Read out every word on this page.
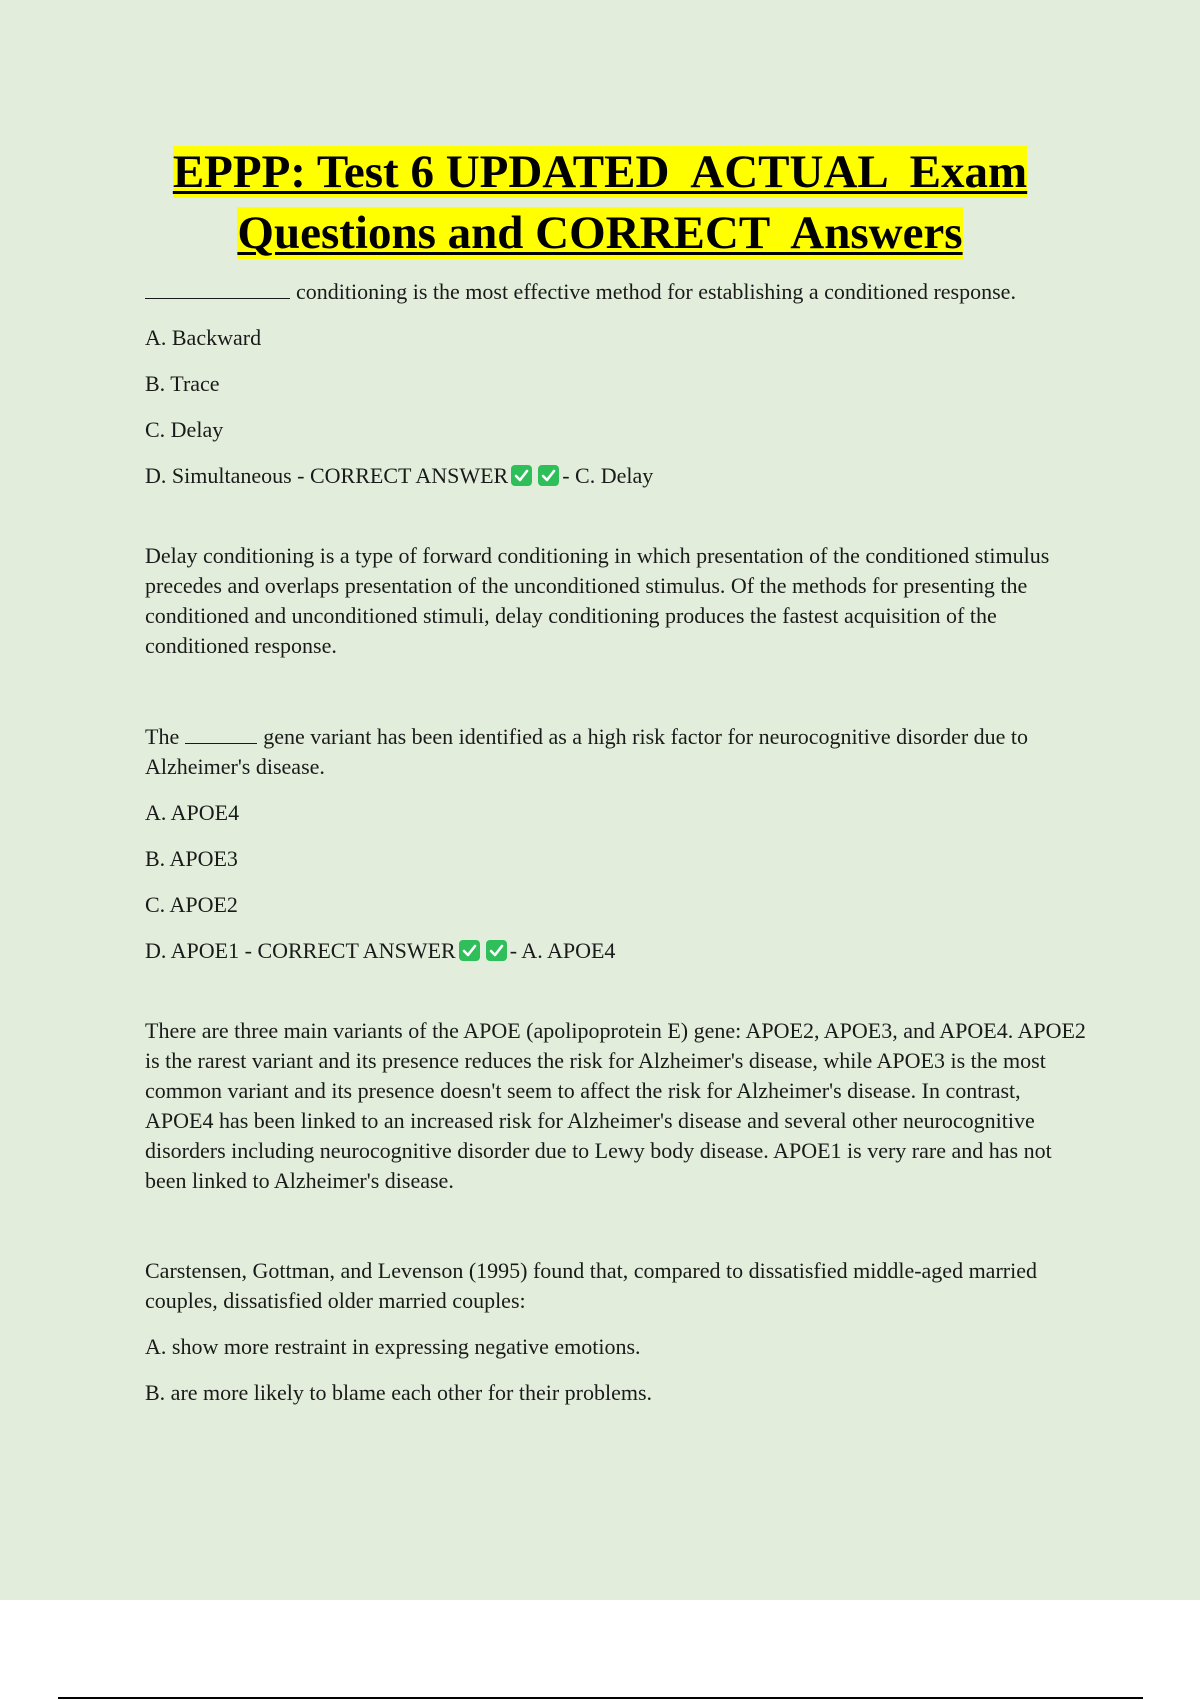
EPPP: Test 6 UPDATED  ACTUAL  Exam
Questions and CORRECT  Answers

conditioning is the most effective method for establishing a conditioned response.

A. Backward

B. Trace

C. Delay

D. Simultaneous - CORRECT ANSWER - C. Delay

Delay conditioning is a type of forward conditioning in which presentation of the conditioned stimulus precedes and overlaps presentation of the unconditioned stimulus. Of the methods for presenting the conditioned and unconditioned stimuli, delay conditioning produces the fastest acquisition of the conditioned response.

The	gene variant has been identified as a high risk factor for neurocognitive disorder due to Alzheimer's disease.

A. APOE4

B. APOE3

C. APOE2

D. APOE1 - CORRECT ANSWER - A. APOE4

There are three main variants of the APOE (apolipoprotein E) gene: APOE2, APOE3, and APOE4. APOE2 is the rarest variant and its presence reduces the risk for Alzheimer's disease, while APOE3 is the most common variant and its presence doesn't seem to affect the risk for Alzheimer's disease. In contrast, APOE4 has been linked to an increased risk for Alzheimer's disease and several other neurocognitive disorders including neurocognitive disorder due to Lewy body disease. APOE1 is very rare and has not been linked to Alzheimer's disease.

Carstensen, Gottman, and Levenson (1995) found that, compared to dissatisfied middle-aged married couples, dissatisfied older married couples:

A. show more restraint in expressing negative emotions.

B. are more likely to blame each other for their problems.
